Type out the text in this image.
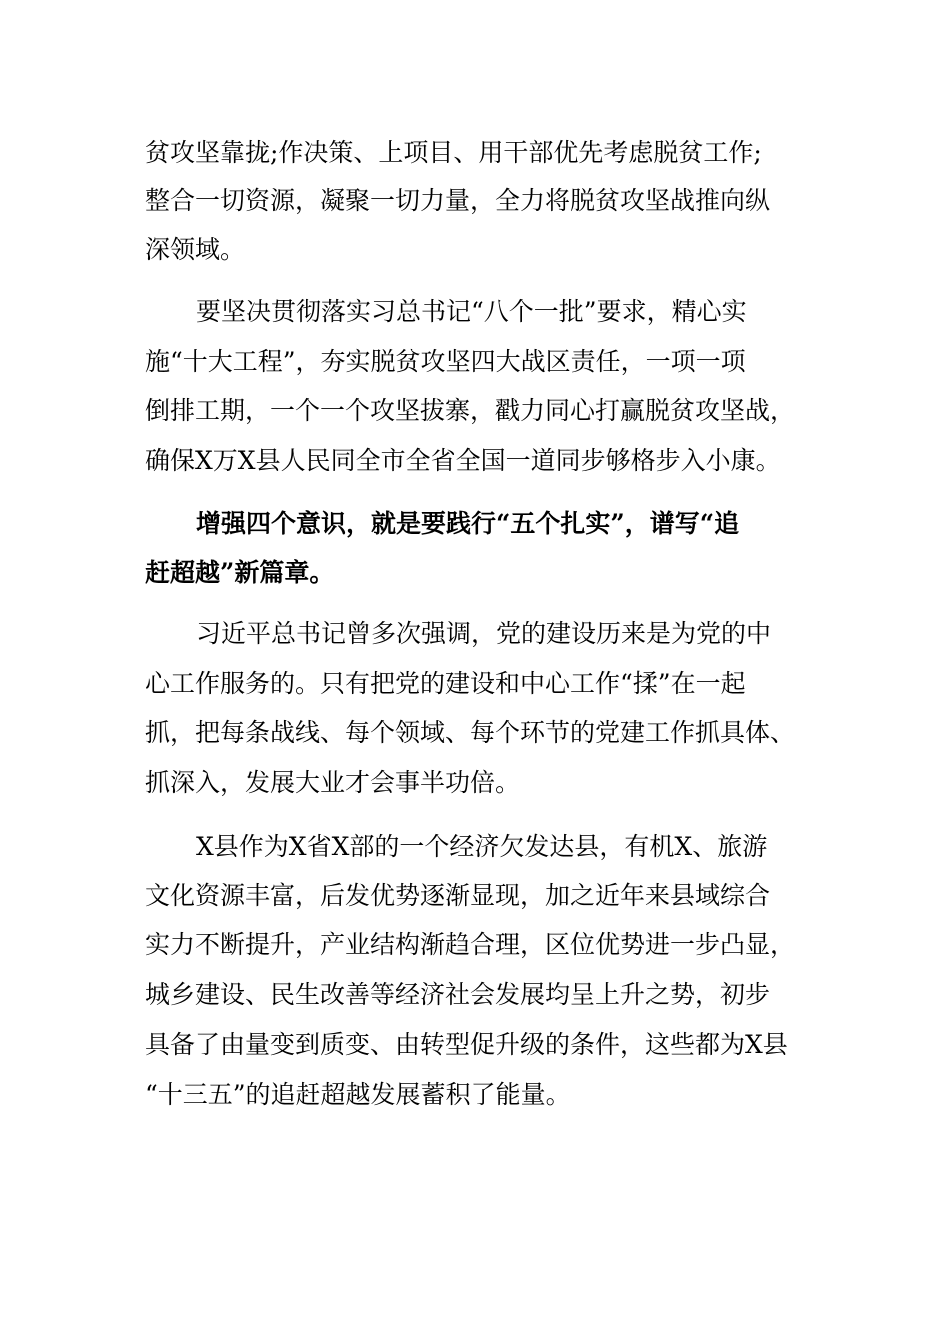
贫攻坚靠拢;作决策、上项目、用干部优先考虑脱贫工作;
整合一切资源，凝聚一切力量，全力将脱贫攻坚战推向纵
深领域。
要坚决贯彻落实习总书记“八个一批”要求，精心实
施“十大工程”，夯实脱贫攻坚四大战区责任，一项一项
倒排工期，一个一个攻坚拔寨，戳力同心打赢脱贫攻坚战，
确保X万X县人民同全市全省全国一道同步够格步入小康。
增强四个意识，就是要践行“五个扎实”，谱写“追
赶超越”新篇章。
习近平总书记曾多次强调，党的建设历来是为党的中
心工作服务的。只有把党的建设和中心工作“揉”在一起
抓，把每条战线、每个领域、每个环节的党建工作抓具体、
抓深入，发展大业才会事半功倍。
X县作为X省X部的一个经济欠发达县，有机X、旅游
文化资源丰富，后发优势逐渐显现，加之近年来县域综合
实力不断提升，产业结构渐趋合理，区位优势进一步凸显，
城乡建设、民生改善等经济社会发展均呈上升之势，初步
具备了由量变到质变、由转型促升级的条件，这些都为X县
“十三五”的追赶超越发展蓄积了能量。
